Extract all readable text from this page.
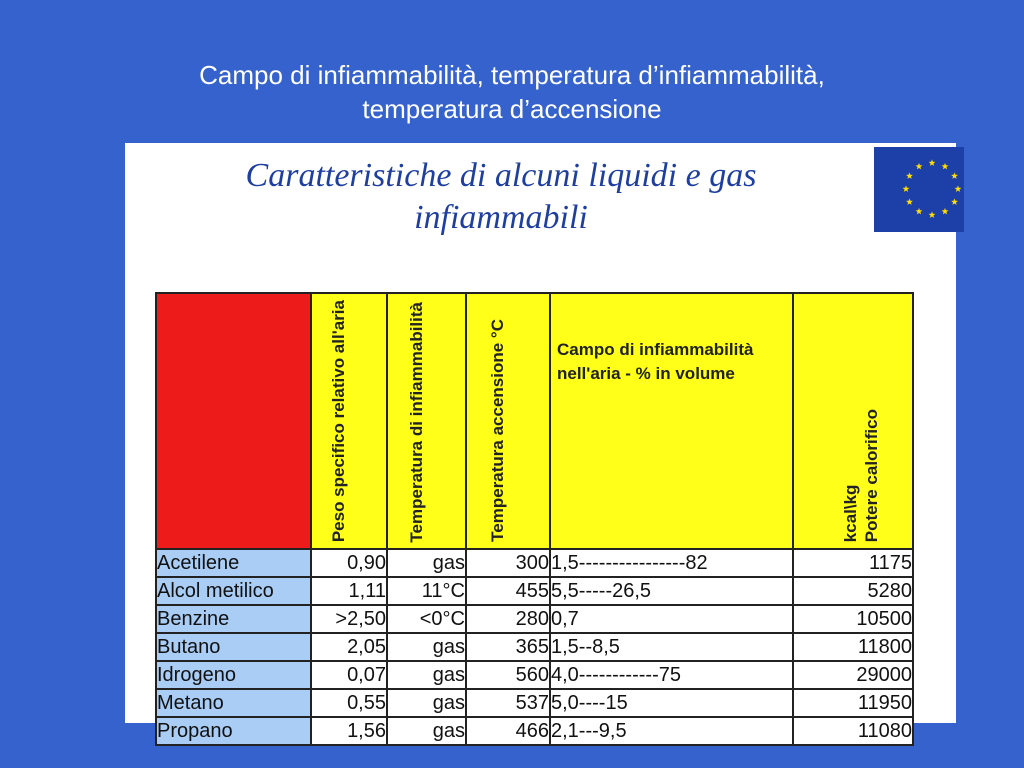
Campo di infiammabilità, temperatura d’infiammabilità,
temperatura d’accensione
Caratteristiche di alcuni liquidi e gas
infiammabili

	Peso specifico relativo all'aria	Temperatura di infiammabilità	Temperatura accensione °C	Campo di infiammabilità nell'aria - % in volume	kcal\kg Potere calorifico

Acetilene	0,90	gas	300	1,5----------------82	1175
Alcol metilico	1,11	11°C	455	5,5-----26,5	5280
Benzine	>2,50	<0°C	280	0,7	10500
Butano	2,05	gas	365	1,5--8,5	11800
Idrogeno	0,07	gas	560	4,0------------75	29000
Metano	0,55	gas	537	5,0----15	11950
Propano	1,56	gas	466	2,1---9,5	11080
